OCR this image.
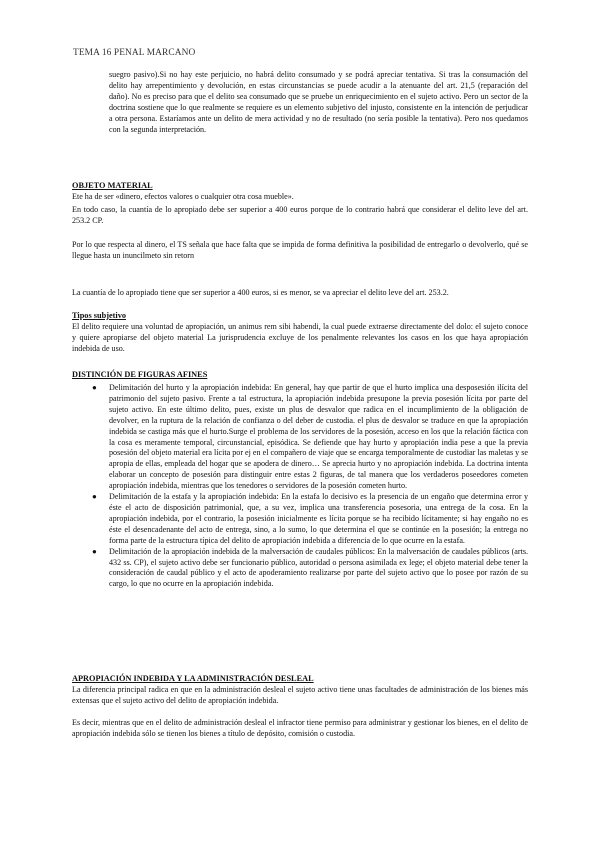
TEMA 16 PENAL MARCANO

suegro pasivo).Si no hay este perjuicio, no habrá delito consumado y se podrá apreciar tentativa. Si tras la consumación del delito hay arrepentimiento y devolución, en estas circunstancias se puede acudir a la atenuante del art. 21,5 (reparación del daño). No es preciso para que el delito sea consumado que se pruebe un enriquecimiento en el sujeto activo. Pero un sector de la doctrina sostiene que lo que realmente se requiere es un elemento subjetivo del injusto, consistente en la intención de perjudicar a otra persona. Estaríamos ante un delito de mera actividad y no de resultado (no sería posible la tentativa). Pero nos quedamos con la segunda interpretación.

OBJETO MATERIAL

Ete ha de ser «dinero, efectos valores o cualquier otra cosa mueble».

En todo caso, la cuantía de lo apropiado debe ser superior a 400 euros porque de lo contrario habrá que considerar el delito leve del art. 253.2 CP.

Por lo que respecta al dinero, el TS señala que hace falta que se impida de forma definitiva la posibilidad de entregarlo o devolverlo, qué se llegue hasta un inuncilmeto sin retorn

La cuantía de lo apropiado tiene que ser superior a 400 euros, si es menor, se va apreciar el delito leve del art. 253.2.

Tipos subjetivo

El delito requiere una voluntad de apropiación, un animus rem sibi habendi, la cual puede extraerse directamente del dolo: el sujeto conoce y quiere apropiarse del objeto material La jurisprudencia excluye de los penalmente relevantes los casos en los que haya apropiación indebida de uso.

DISTINCIÓN DE FIGURAS AFINES

● Delimitación del hurto y la apropiación indebida: En general, hay que partir de que el hurto implica una desposesión ilícita del patrimonio del sujeto pasivo. Frente a tal estructura, la apropiación indebida presupone la previa posesión lícita por parte del sujeto activo. En este último delito, pues, existe un plus de desvalor que radica en el incumplimiento de la obligación de devolver, en la ruptura de la relación de confianza o del deber de custodia. el plus de desvalor se traduce en que la apropiación indebida se castiga más que el hurto.Surge el problema de los servidores de la posesión, acceso en los que la relación fáctica con la cosa es meramente temporal, circunstancial, episódica. Se defiende que hay hurto y apropiación india pese a que la previa posesión del objeto material era lícita por ej en el compañero de viaje que se encarga temporalmente de custodiar las maletas y se apropia de ellas, empleada del hogar que se apodera de dinero… Se aprecia hurto y no apropiación indebida. La doctrina intenta elaborar un concepto de posesión para distinguir entre estas 2 figuras, de tal manera que los verdaderos poseedores cometen apropiación indebida, mientras que los tenedores o servidores de la posesión cometen hurto.
● Delimitación de la estafa y la apropiación indebida: En la estafa lo decisivo es la presencia de un engaño que determina error y éste el acto de disposición patrimonial, que, a su vez, implica una transferencia posesoria, una entrega de la cosa. En la apropiación indebida, por el contrario, la posesión inicialmente es lícita porque se ha recibido lícitamente; si hay engaño no es éste el desencadenante del acto de entrega, sino, a lo sumo, lo que determina el que se continúe en la posesión; la entrega no forma parte de la estructura típica del delito de apropiación indebida a diferencia de lo que ocurre en la estafa.
● Delimitación de la apropiación indebida de la malversación de caudales públicos: En la malversación de caudales públicos (arts. 432 ss. CP), el sujeto activo debe ser funcionario público, autoridad o persona asimilada ex lege; el objeto material debe tener la consideración de caudal público y el acto de apoderamiento realizarse por parte del sujeto activo que lo posee por razón de su cargo, lo que no ocurre en la apropiación indebida.

APROPIACIÓN INDEBIDA Y LA ADMINISTRACIÓN DESLEAL

La diferencia principal radica en que en la administración desleal el sujeto activo tiene unas facultades de administración de los bienes más extensas que el sujeto activo del delito de apropiación indebida.

Es decir, mientras que en el delito de administración desleal el infractor tiene permiso para administrar y gestionar los bienes, en el delito de apropiación indebida sólo se tienen los bienes a título de depósito, comisión o custodia.
